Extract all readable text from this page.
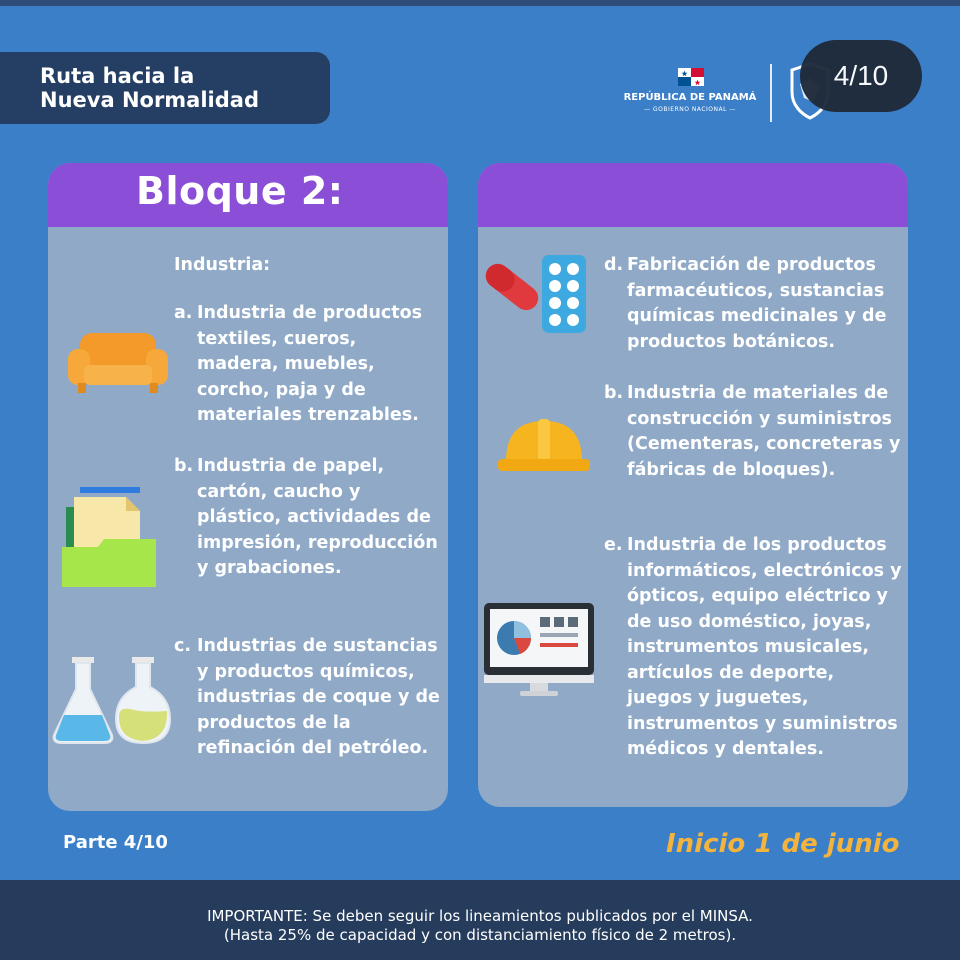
Ruta hacia la
Nueva Normalidad	REPÚBLICA DE PANAMÁ
— GOBIERNO NACIONAL —
4/10
Bloque 2:
Industria:
a. Industria de productos textiles, cueros, madera, muebles, corcho, paja y de materiales trenzables.
b. Industria de papel, cartón, caucho y plástico, actividades de impresión, reproducción y grabaciones.
c. Industrias de sustancias y productos químicos, industrias de coque y de productos de la refinación del petróleo.
d. Fabricación de productos farmacéuticos, sustancias químicas medicinales y de productos botánicos.
b. Industria de materiales de construcción y suministros (Cementeras, concreteras y fábricas de bloques).
e. Industria de los productos informáticos, electrónicos y ópticos, equipo eléctrico y de uso doméstico, joyas, instrumentos musicales, artículos de deporte, juegos y juguetes, instrumentos y suministros médicos y dentales.
Parte 4/10	Inicio 1 de junio
IMPORTANTE: Se deben seguir los lineamientos publicados por el MINSA.
(Hasta 25% de capacidad y con distanciamiento físico de 2 metros).
